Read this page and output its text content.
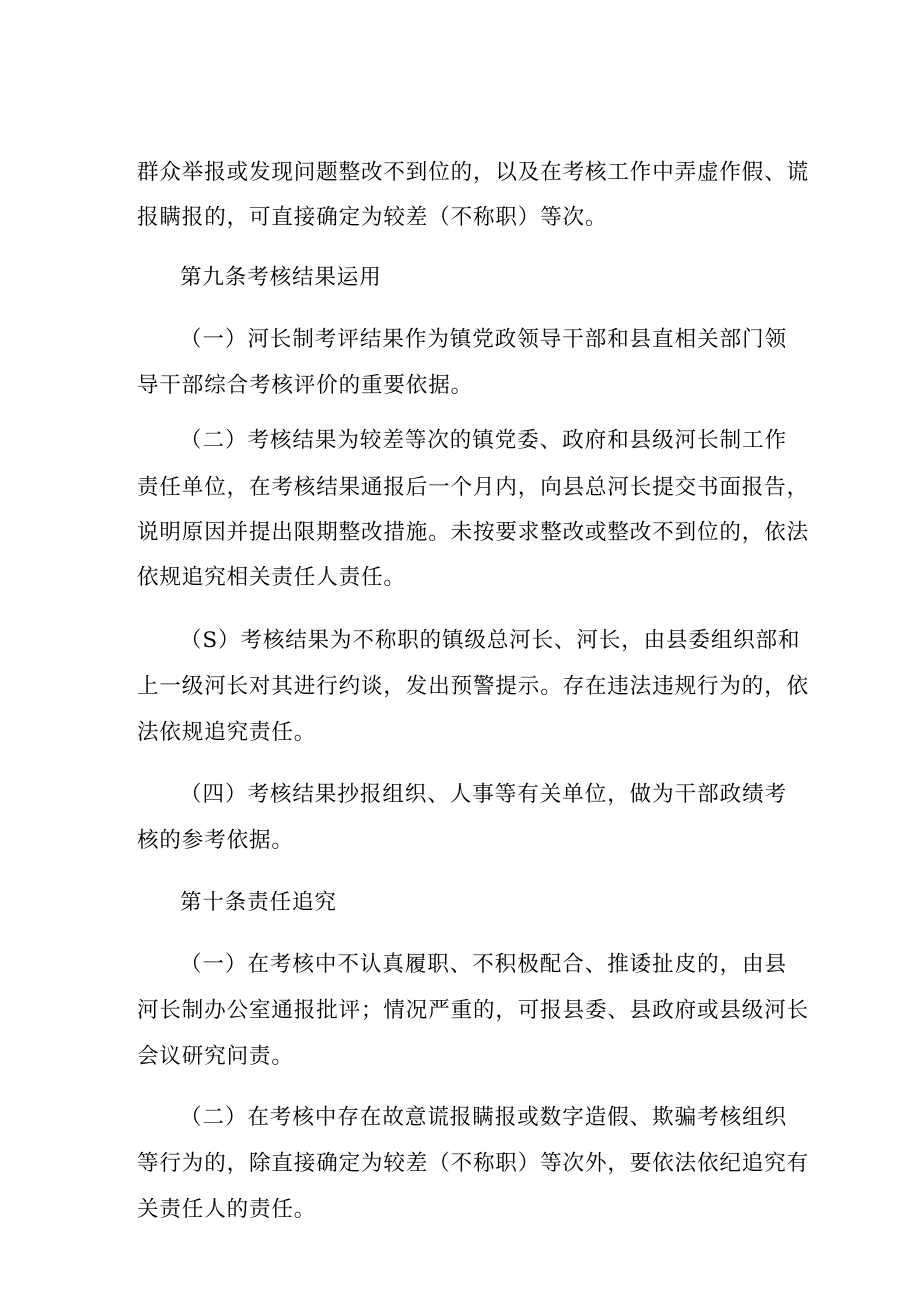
群众举报或发现问题整改不到位的，以及在考核工作中弄虚作假、谎
报瞒报的，可直接确定为较差（不称职）等次。
第九条考核结果运用
（一）河长制考评结果作为镇党政领导干部和县直相关部门领
导干部综合考核评价的重要依据。
（二）考核结果为较差等次的镇党委、政府和县级河长制工作
责任单位，在考核结果通报后一个月内，向县总河长提交书面报告，
说明原因并提出限期整改措施。未按要求整改或整改不到位的，依法
依规追究相关责任人责任。
（S）考核结果为不称职的镇级总河长、河长，由县委组织部和
上一级河长对其进行约谈，发出预警提示。存在违法违规行为的，依
法依规追究责任。
（四）考核结果抄报组织、人事等有关单位，做为干部政绩考
核的参考依据。
第十条责任追究
（一）在考核中不认真履职、不积极配合、推诿扯皮的，由县
河长制办公室通报批评；情况严重的，可报县委、县政府或县级河长
会议研究问责。
（二）在考核中存在故意谎报瞒报或数字造假、欺骗考核组织
等行为的，除直接确定为较差（不称职）等次外，要依法依纪追究有
关责任人的责任。
